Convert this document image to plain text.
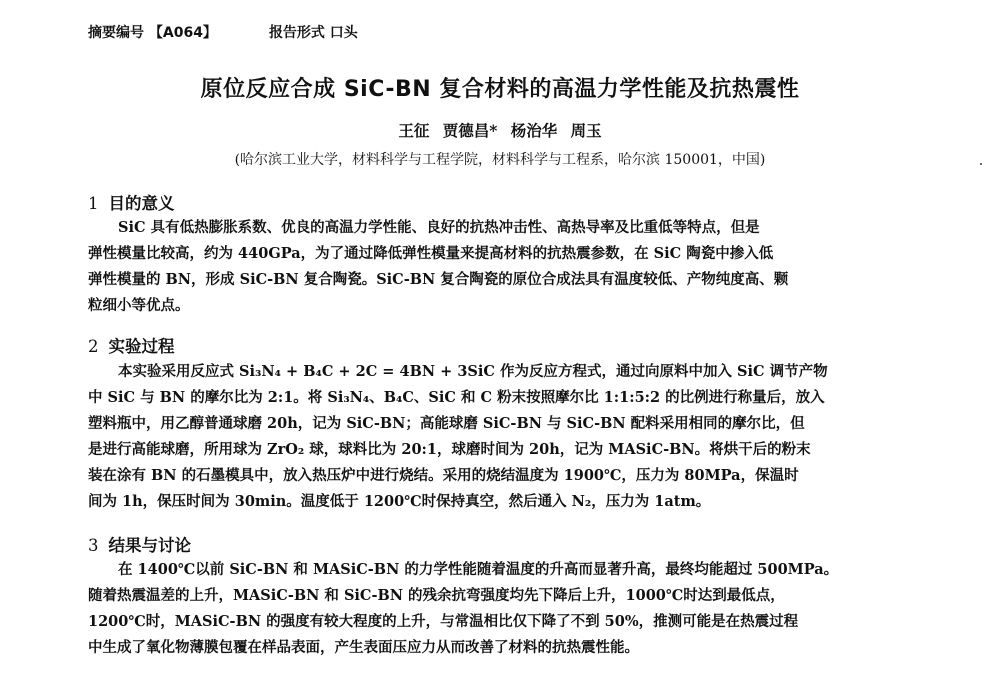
摘要编号 【A064】	报告形式 口头
原位反应合成 SiC-BN 复合材料的高温力学性能及抗热震性
王征 贾德昌* 杨治华 周玉
(哈尔滨工业大学，材料科学与工程学院，材料科学与工程系，哈尔滨 150001，中国)
1 目的意义
SiC 具有低热膨胀系数、优良的高温力学性能、良好的抗热冲击性、高热导率及比重低等特点，但是
弹性模量比较高，约为 440GPa，为了通过降低弹性模量来提高材料的抗热震参数，在 SiC 陶瓷中掺入低
弹性模量的 BN，形成 SiC-BN 复合陶瓷。SiC-BN 复合陶瓷的原位合成法具有温度较低、产物纯度高、颗
粒细小等优点。
2 实验过程
本实验采用反应式 Si₃N₄ + B₄C + 2C = 4BN + 3SiC 作为反应方程式，通过向原料中加入 SiC 调节产物
中 SiC 与 BN 的摩尔比为 2:1。将 Si₃N₄、B₄C、SiC 和 C 粉末按照摩尔比 1:1:5:2 的比例进行称量后，放入
塑料瓶中，用乙醇普通球磨 20h，记为 SiC-BN；高能球磨 SiC-BN 与 SiC-BN 配料采用相同的摩尔比，但
是进行高能球磨，所用球为 ZrO₂ 球，球料比为 20:1，球磨时间为 20h，记为 MASiC-BN。将烘干后的粉末
装在涂有 BN 的石墨模具中，放入热压炉中进行烧结。采用的烧结温度为 1900℃，压力为 80MPa，保温时
间为 1h，保压时间为 30min。温度低于 1200℃时保持真空，然后通入 N₂，压力为 1atm。
3 结果与讨论
在 1400℃以前 SiC-BN 和 MASiC-BN 的力学性能随着温度的升高而显著升高，最终均能超过 500MPa。
随着热震温差的上升，MASiC-BN 和 SiC-BN 的残余抗弯强度均先下降后上升，1000℃时达到最低点，
1200℃时，MASiC-BN 的强度有较大程度的上升，与常温相比仅下降了不到 50%，推测可能是在热震过程
中生成了氧化物薄膜包覆在样品表面，产生表面压应力从而改善了材料的抗热震性能。
